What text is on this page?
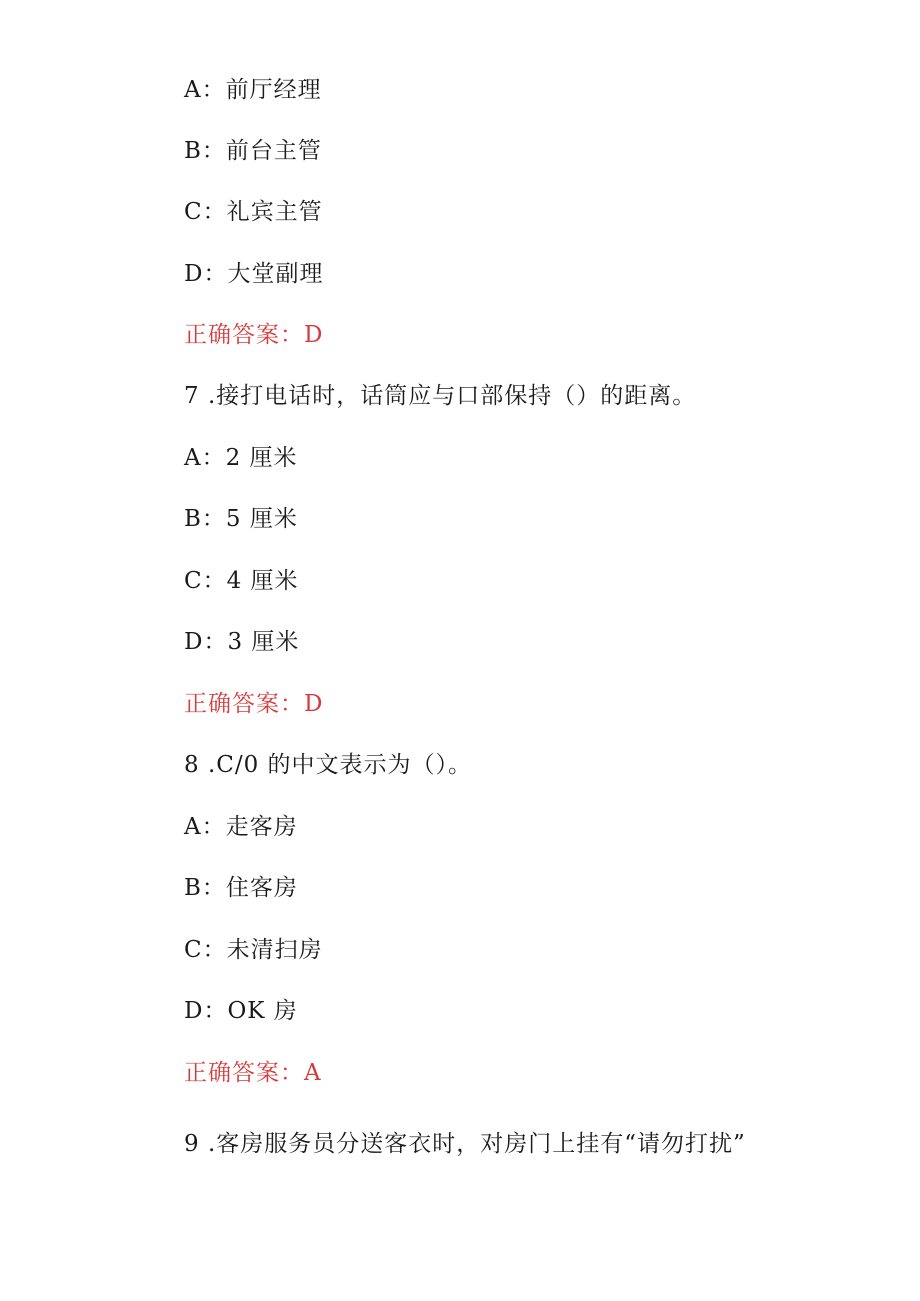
A：前厅经理
B：前台主管
C：礼宾主管
D：大堂副理
正确答案：D
7 .接打电话时，话筒应与口部保持（）的距离。
A：2 厘米
B：5 厘米
C：4 厘米
D：3 厘米
正确答案：D
8 .C/0 的中文表示为（）。
A：走客房
B：住客房
C：未清扫房
D：OK 房
正确答案：A
9 .客房服务员分送客衣时，对房门上挂有“请勿打扰”
